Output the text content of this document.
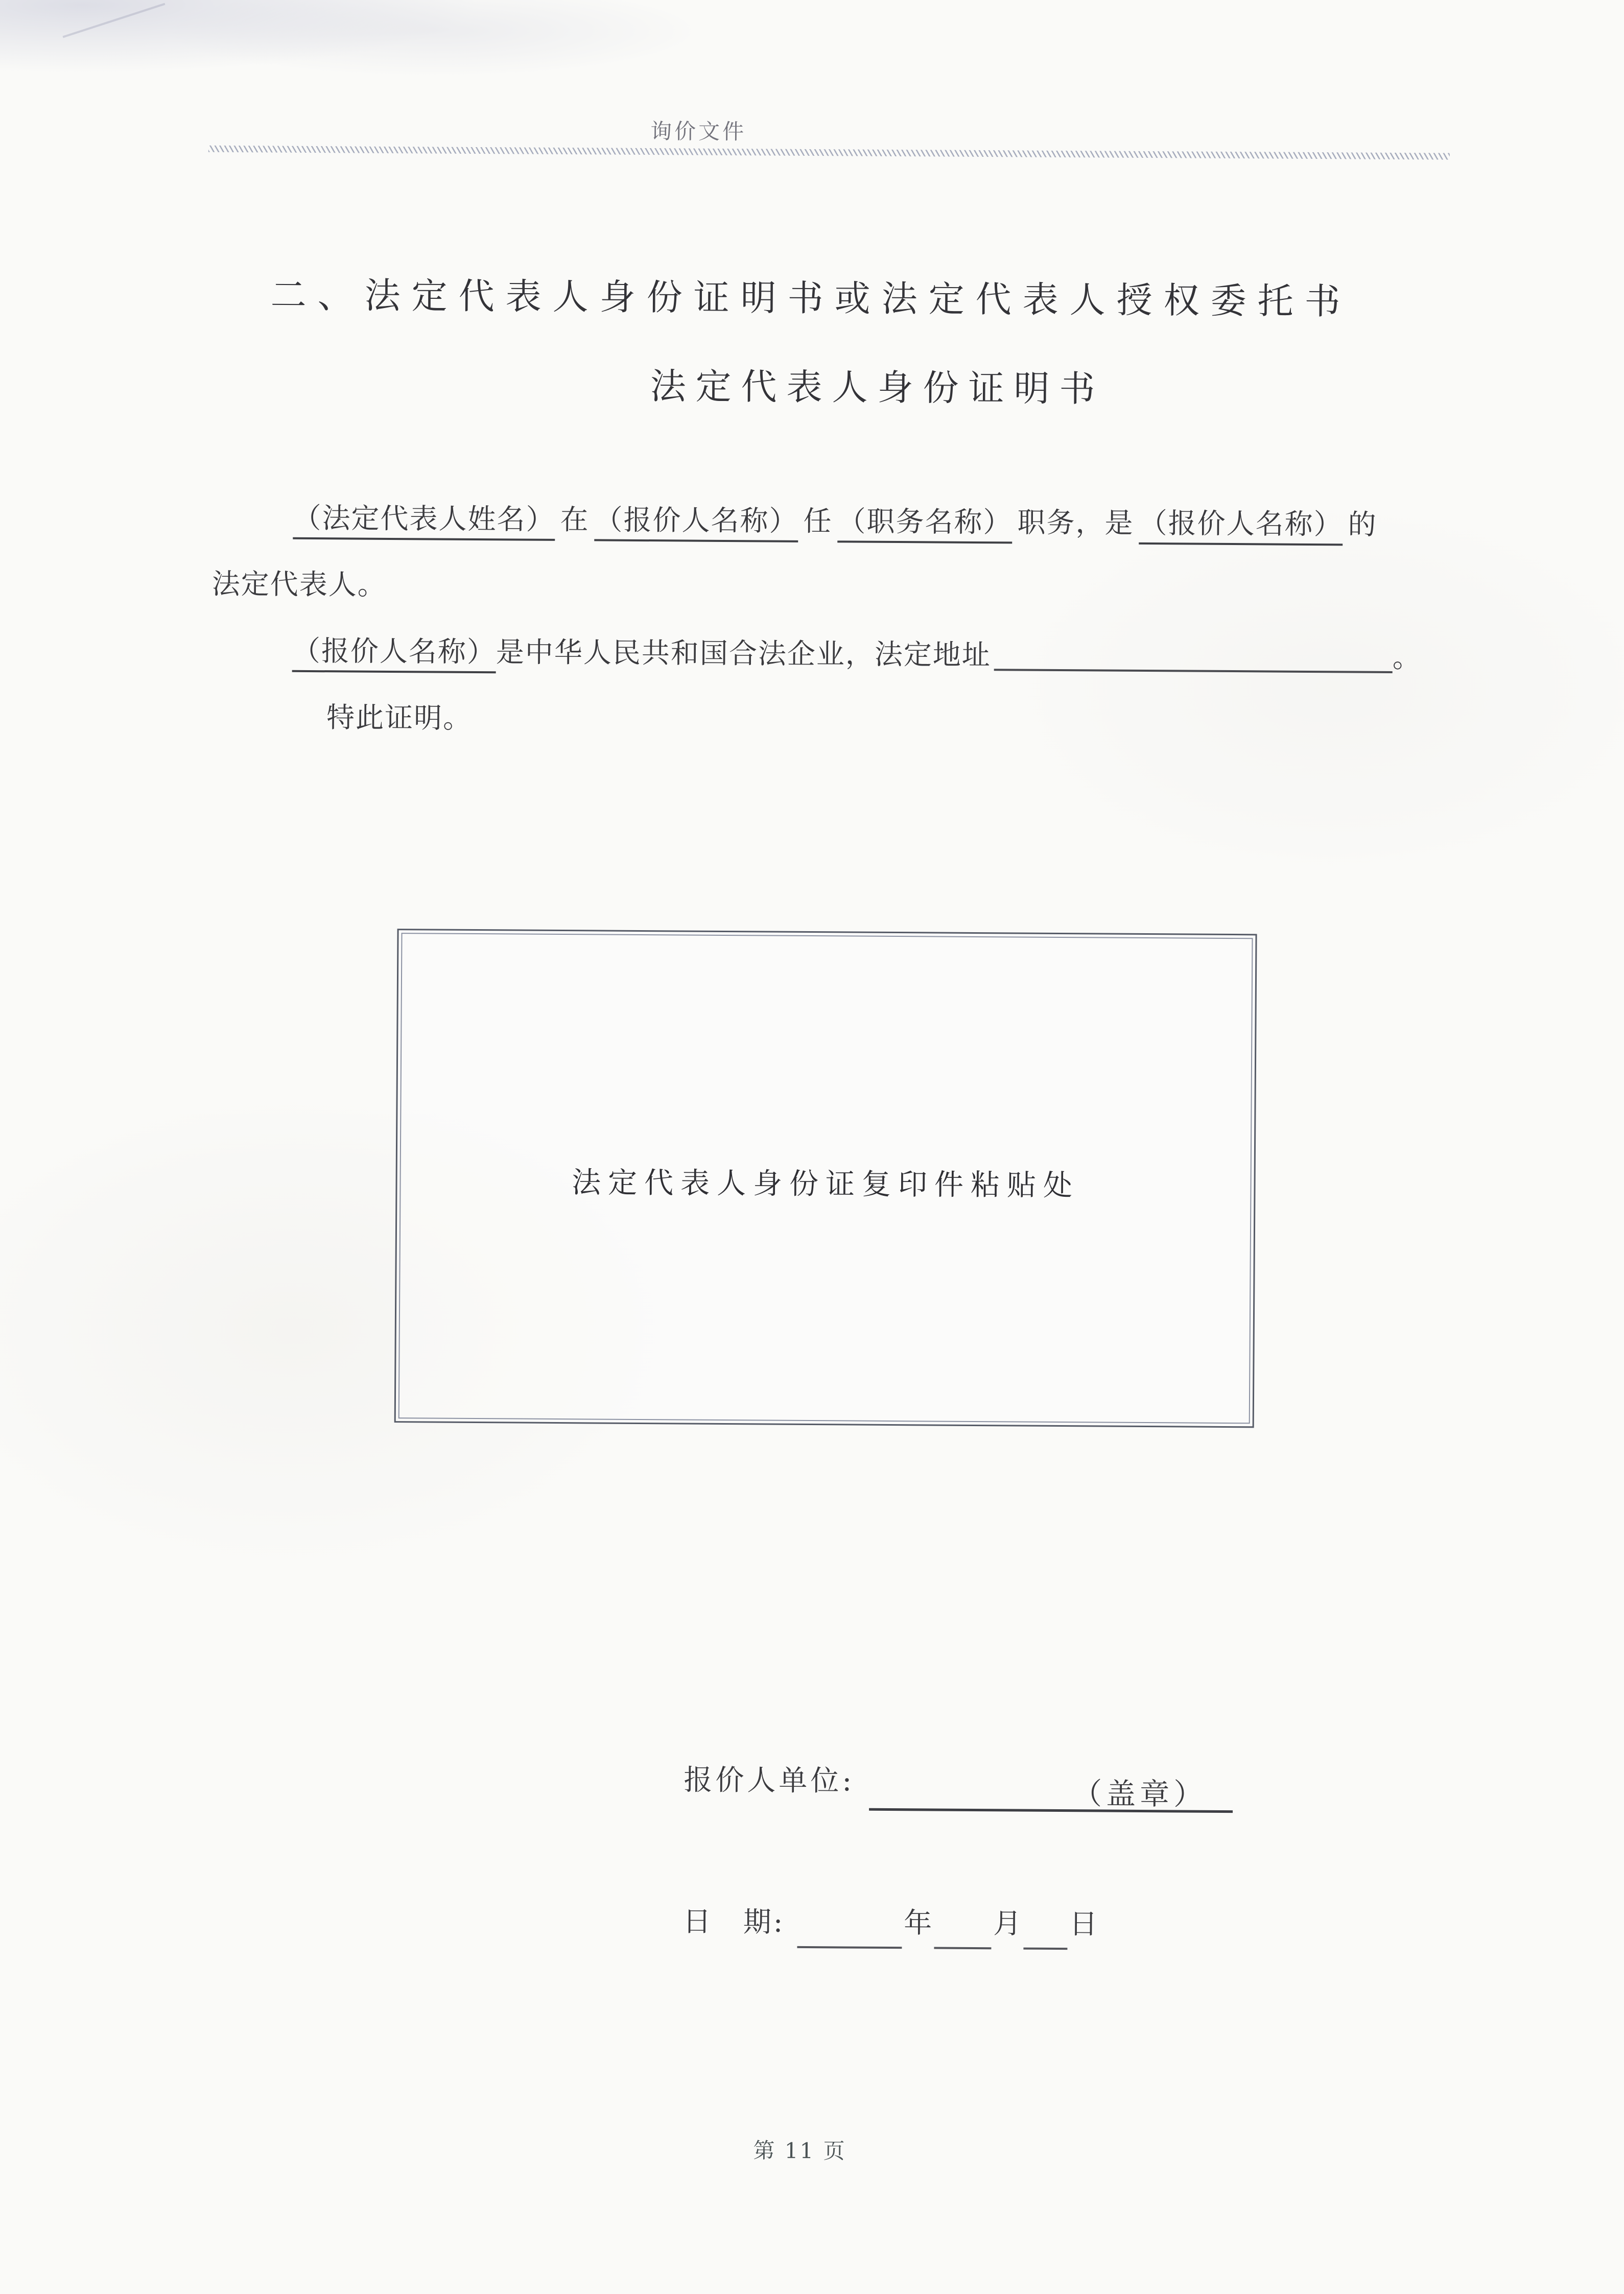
询价文件
二、法定代表人身份证明书或法定代表人授权委托书
法定代表人身份证明书

（法定代表人姓名） 在 （报价人名称） 任 （职务名称） 职务，是 （报价人名称） 的

法定代表人。

（报价人名称）是中华人民共和国合法企业，法定地址	。

特此证明。

法定代表人身份证复印件粘贴处
报价人单位:	（盖章）
日　期:	年 月 日
第 11 页
